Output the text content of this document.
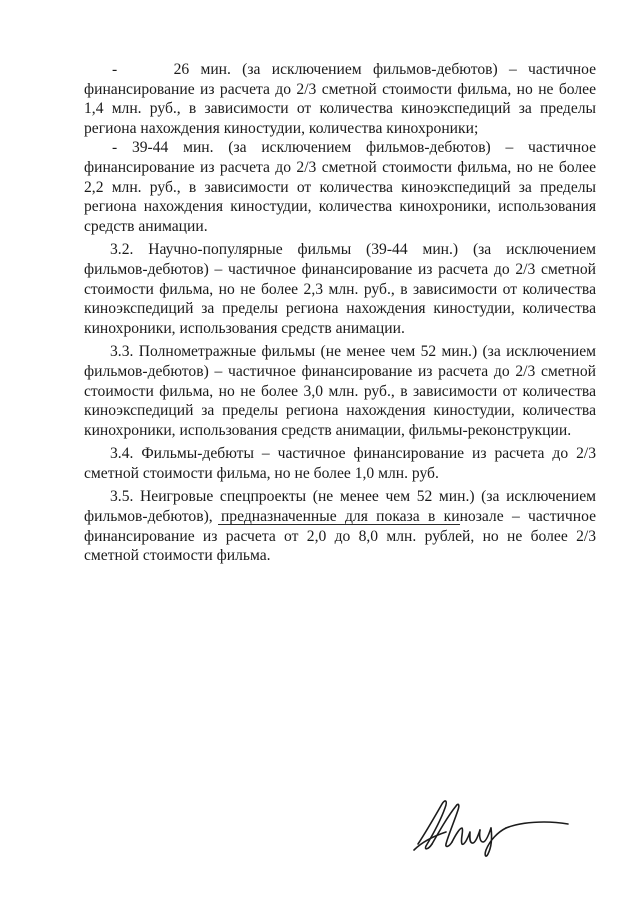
-     26 мин. (за исключением фильмов-дебютов) – частичное финансирование из расчета до 2/3 сметной стоимости фильма, но не более 1,4 млн. руб., в зависимости от количества киноэкспедиций за пределы региона нахождения киностудии, количества кинохроники;

- 39-44 мин. (за исключением фильмов-дебютов) – частичное финансирование из расчета до 2/3 сметной стоимости фильма, но не более 2,2 млн. руб., в зависимости от количества киноэкспедиций за пределы региона нахождения киностудии, количества кинохроники, использования средств анимации.

3.2. Научно-популярные фильмы (39-44 мин.) (за исключением фильмов-дебютов) – частичное финансирование из расчета до 2/3 сметной стоимости фильма, но не более 2,3 млн. руб., в зависимости от количества киноэкспедиций за пределы региона нахождения киностудии, количества кинохроники, использования средств анимации.

3.3. Полнометражные фильмы (не менее чем 52 мин.) (за исключением фильмов-дебютов) – частичное финансирование из расчета до 2/3 сметной стоимости фильма, но не более 3,0 млн. руб., в зависимости от количества киноэкспедиций за пределы региона нахождения киностудии, количества кинохроники, использования средств анимации, фильмы-реконструкции.

3.4. Фильмы-дебюты – частичное финансирование из расчета до 2/3 сметной стоимости фильма, но не более 1,0 млн. руб.

3.5. Неигровые спецпроекты (не менее чем 52 мин.) (за исключением фильмов-дебютов), предназначенные для показа в кинозале – частичное финансирование из расчета от 2,0 до 8,0 млн. рублей, но не более 2/3 сметной стоимости фильма.
